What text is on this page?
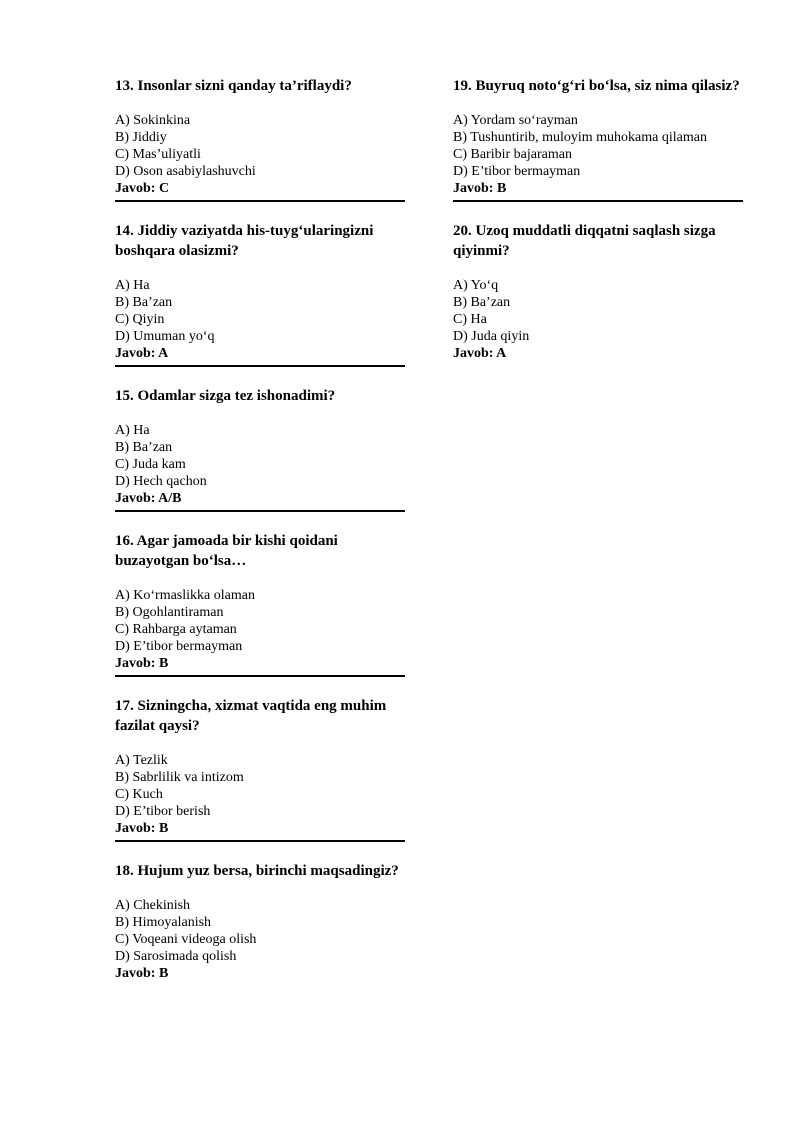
13. Insonlar sizni qanday ta’riflaydi?
A) Sokinkina
B) Jiddiy
C) Mas’uliyatli
D) Oson asabiylashuvchi
Javob: C
14. Jiddiy vaziyatda his-tuyg‘ularingizni boshqara olasizmi?
A) Ha
B) Ba’zan
C) Qiyin
D) Umuman yo‘q
Javob: A
15. Odamlar sizga tez ishonadimi?
A) Ha
B) Ba’zan
C) Juda kam
D) Hech qachon
Javob: A/B
16. Agar jamoada bir kishi qoidani buzayotgan bo‘lsa…
A) Ko‘rmaslikka olaman
B) Ogohlantiraman
C) Rahbarga aytaman
D) E’tibor bermayman
Javob: B
17. Sizningcha, xizmat vaqtida eng muhim fazilat qaysi?
A) Tezlik
B) Sabrlilik va intizom
C) Kuch
D) E’tibor berish
Javob: B
18. Hujum yuz bersa, birinchi maqsadingiz?
A) Chekinish
B) Himoyalanish
C) Voqeani videoga olish
D) Sarosimada qolish
Javob: B
19. Buyruq noto‘g‘ri bo‘lsa, siz nima qilasiz?
A) Yordam so‘rayman
B) Tushuntirib, muloyim muhokama qilaman
C) Baribir bajaraman
D) E’tibor bermayman
Javob: B
20. Uzoq muddatli diqqatni saqlash sizga qiyinmi?
A) Yo‘q
B) Ba’zan
C) Ha
D) Juda qiyin
Javob: A
